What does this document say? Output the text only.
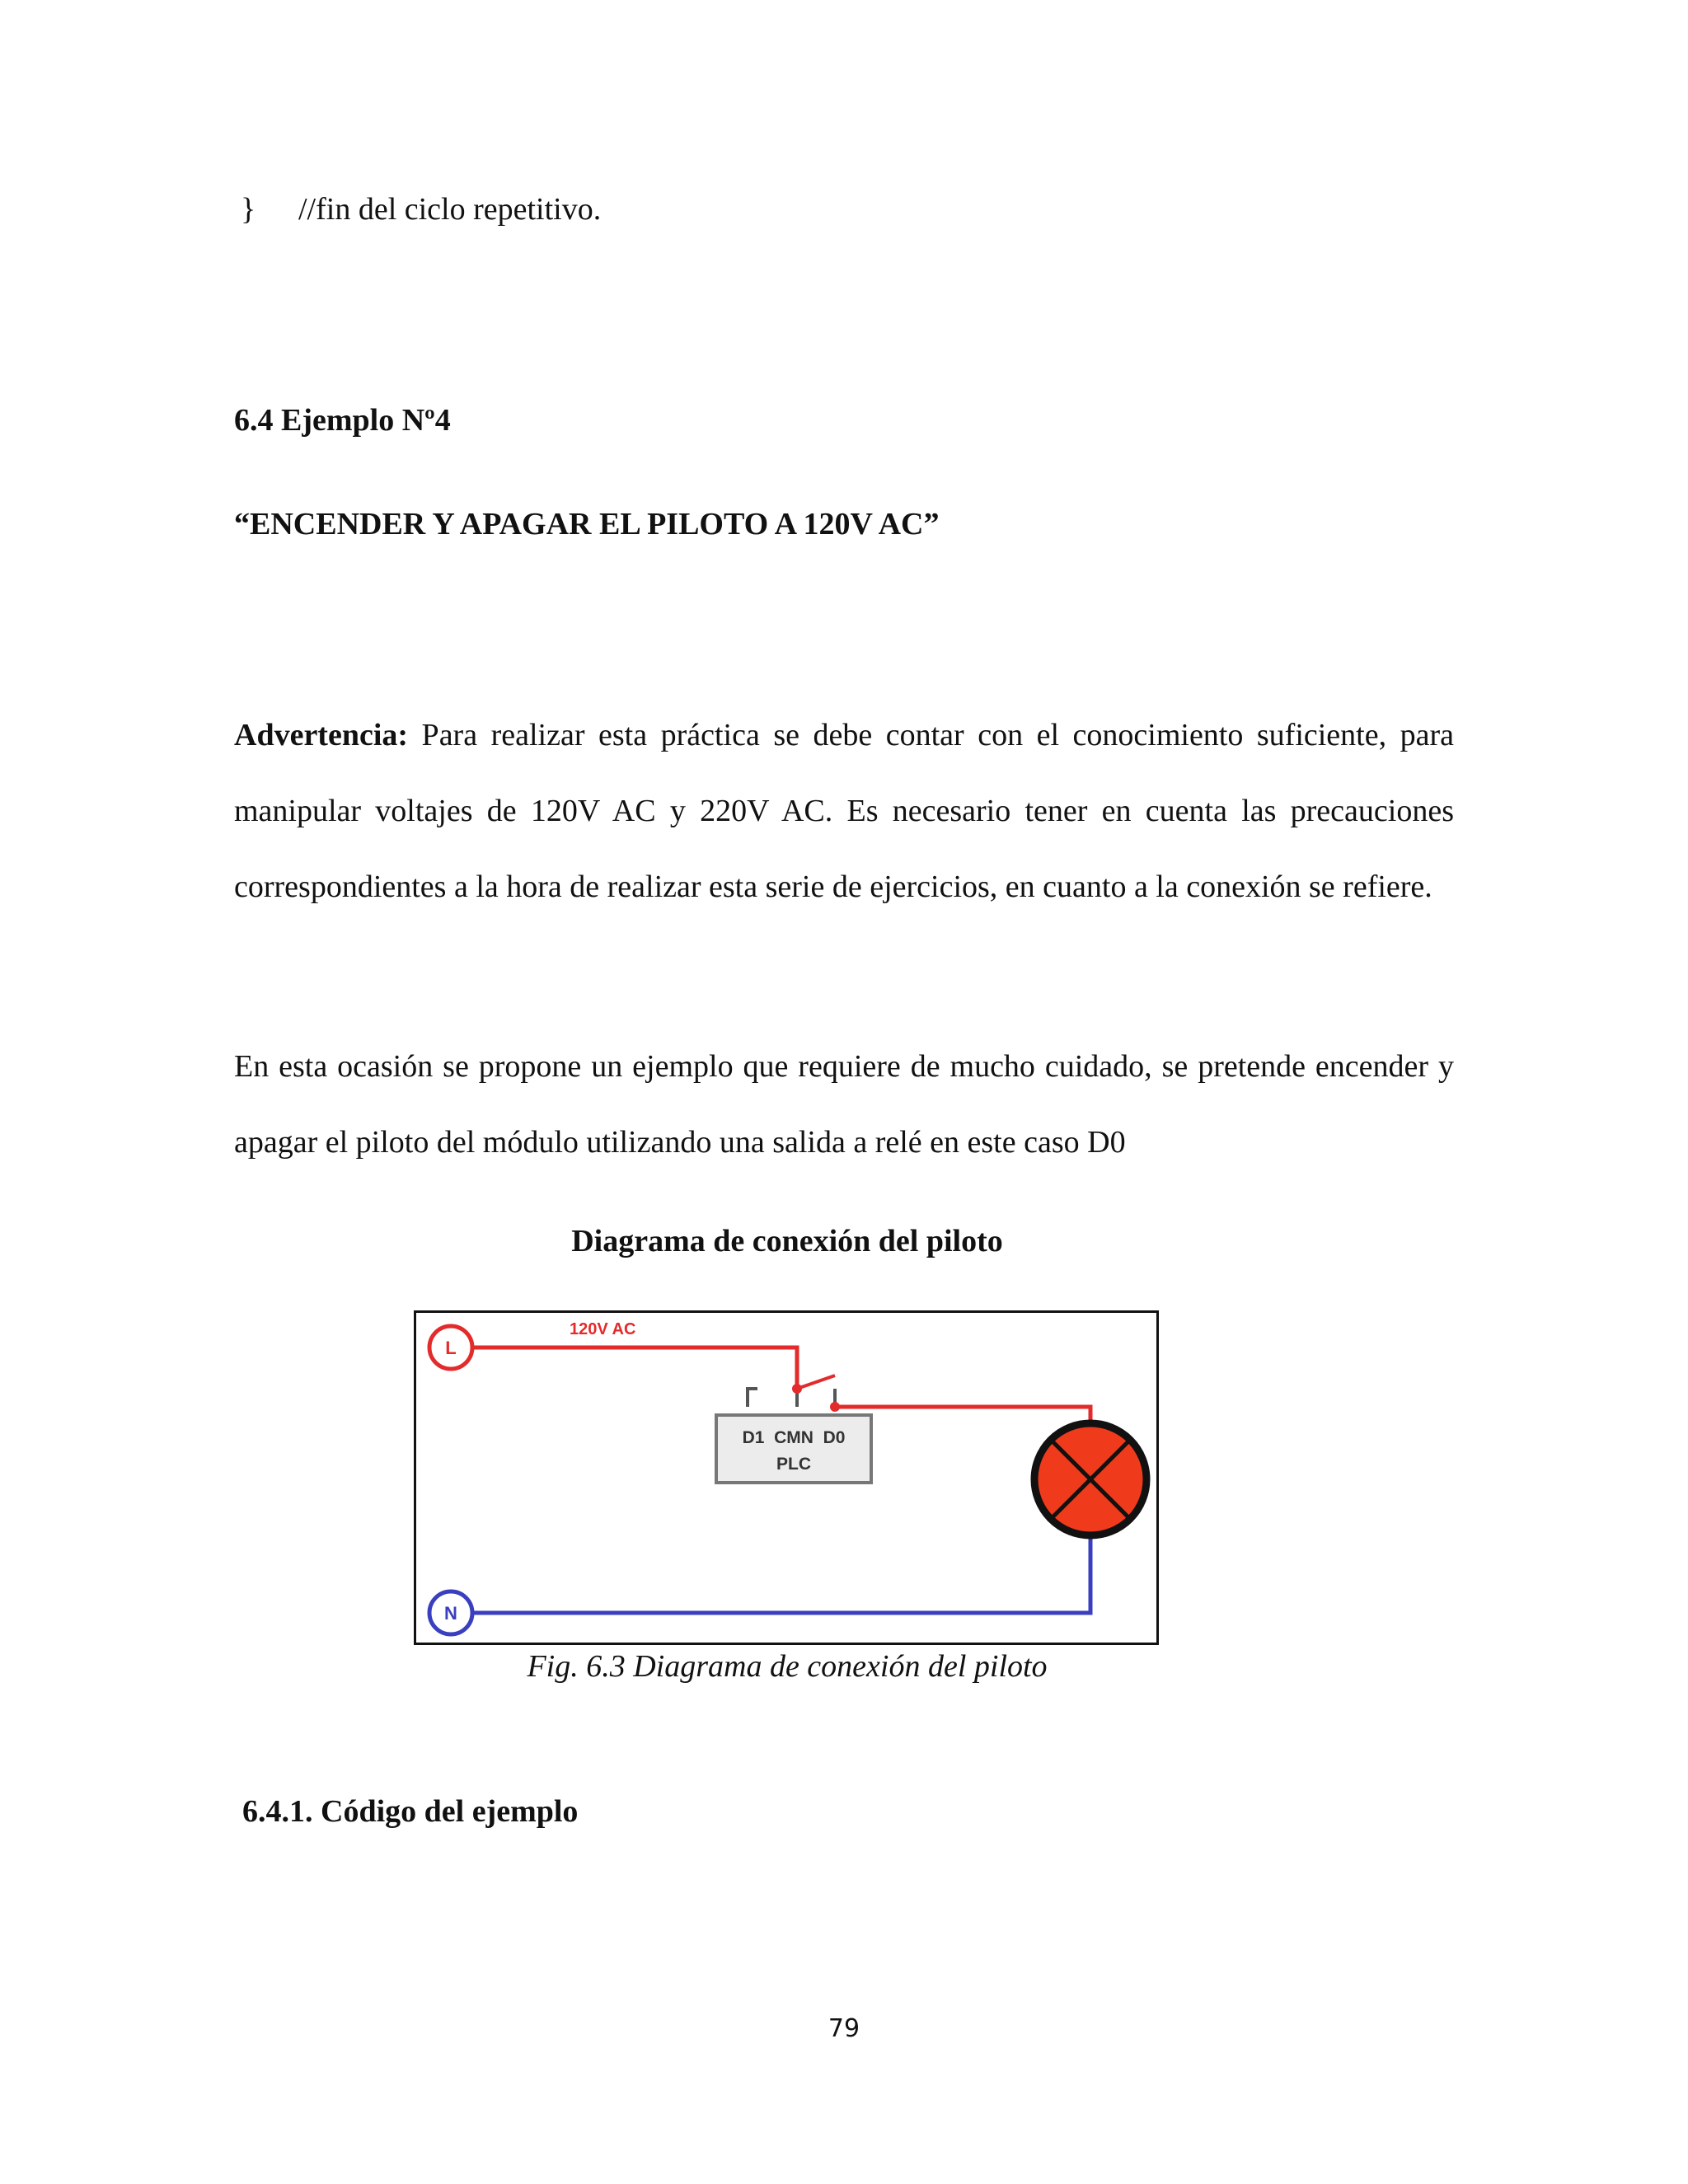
} //fin del ciclo repetitivo.

6.4 Ejemplo Nº4
“ENCENDER Y APAGAR EL PILOTO A 120V AC”

Advertencia: Para realizar esta práctica se debe contar con el conocimiento suficiente, para manipular voltajes de 120V AC y 220V AC. Es necesario tener en cuenta las precauciones correspondientes a la hora de realizar esta serie de ejercicios, en cuanto a la conexión se refiere.

En esta ocasión se propone un ejemplo que requiere de mucho cuidado, se pretende encender y apagar el piloto del módulo utilizando una salida a relé en este caso D0

Diagrama de conexión del piloto
D1  CMN  D0
PLC
120V AC
L
N

Fig. 6.3 Diagrama de conexión del piloto

6.4.1. Código del ejemplo
79
